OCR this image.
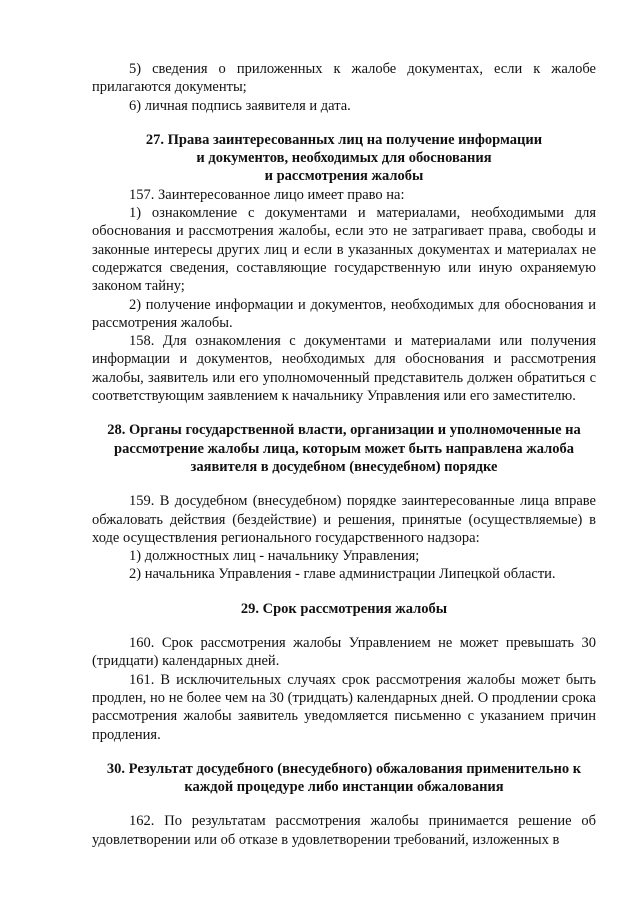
5) сведения о приложенных к жалобе документах, если к жалобе прилагаются документы;

6) личная подпись заявителя и дата.

27. Права заинтересованных лиц на получение информации
и документов, необходимых для обоснования
и рассмотрения жалобы

157. Заинтересованное лицо имеет право на:

1) ознакомление с документами и материалами, необходимыми для обоснования и рассмотрения жалобы, если это не затрагивает права, свободы и законные интересы других лиц и если в указанных документах и материалах не содержатся сведения, составляющие государственную или иную охраняемую законом тайну;

2) получение информации и документов, необходимых для обоснования и рассмотрения жалобы.

158. Для ознакомления с документами и материалами или получения информации и документов, необходимых для обоснования и рассмотрения жалобы, заявитель или его уполномоченный представитель должен обратиться с соответствующим заявлением к начальнику Управления или его заместителю.

28. Органы государственной власти, организации и уполномоченные на
рассмотрение жалобы лица, которым может быть направлена жалоба
заявителя в досудебном (внесудебном) порядке

159. В досудебном (внесудебном) порядке заинтересованные лица вправе обжаловать действия (бездействие) и решения, принятые (осуществляемые) в ходе осуществления регионального государственного надзора:

1) должностных лиц - начальнику Управления;

2) начальника Управления - главе администрации Липецкой области.

29. Срок рассмотрения жалобы

160. Срок рассмотрения жалобы Управлением не может превышать 30 (тридцати) календарных дней.

161. В исключительных случаях срок рассмотрения жалобы может быть продлен, но не более чем на 30 (тридцать) календарных дней. О продлении срока рассмотрения жалобы заявитель уведомляется письменно с указанием причин продления.

30. Результат досудебного (внесудебного) обжалования применительно к
каждой процедуре либо инстанции обжалования

162. По результатам рассмотрения жалобы принимается решение об удовлетворении или об отказе в удовлетворении требований, изложенных в
